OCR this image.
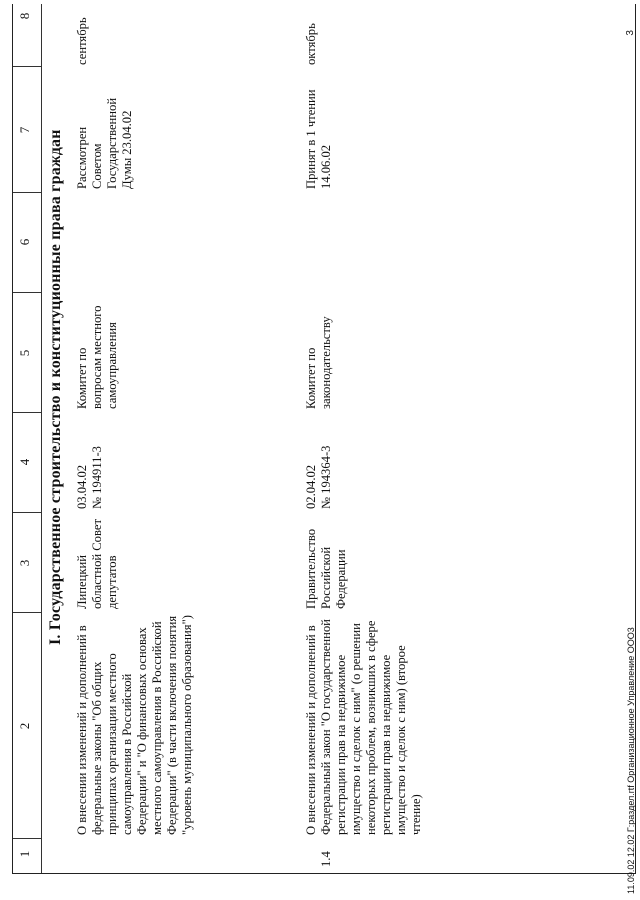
1
2
3
4
5
6
7
8
I. Государственное строительство и конституционные права граждан
О внесении изменений и дополнений в федеральные законы "Об общих принципах организации местного самоуправления в Российской Федерации" и "О финансовых основах местного самоуправления в Российской Федерации" (в части включения понятия "уровень муниципального образования")
Липецкий областной Совет депутатов
03.04.02 № 194911-3
Комитет по вопросам местного самоуправления
Рассмотрен Советом Государственной Думы 23.04.02
сентябрь
1.4
О внесении изменений и дополнений в Федеральный закон "О государственной регистрации прав на недвижимое имущество и сделок с ним" (о решении некоторых проблем, возникших в сфере регистрации прав на недвижимое имущество и сделок с ним) (второе чтение)
Правительство Российской Федерации
02.04.02 № 194364-3
Комитет по законодательству
Принят в 1 чтении 14.06.02
октябрь
11.09.02 12.02 Г:раздел.rtf Организационное Управление ООО3
3
